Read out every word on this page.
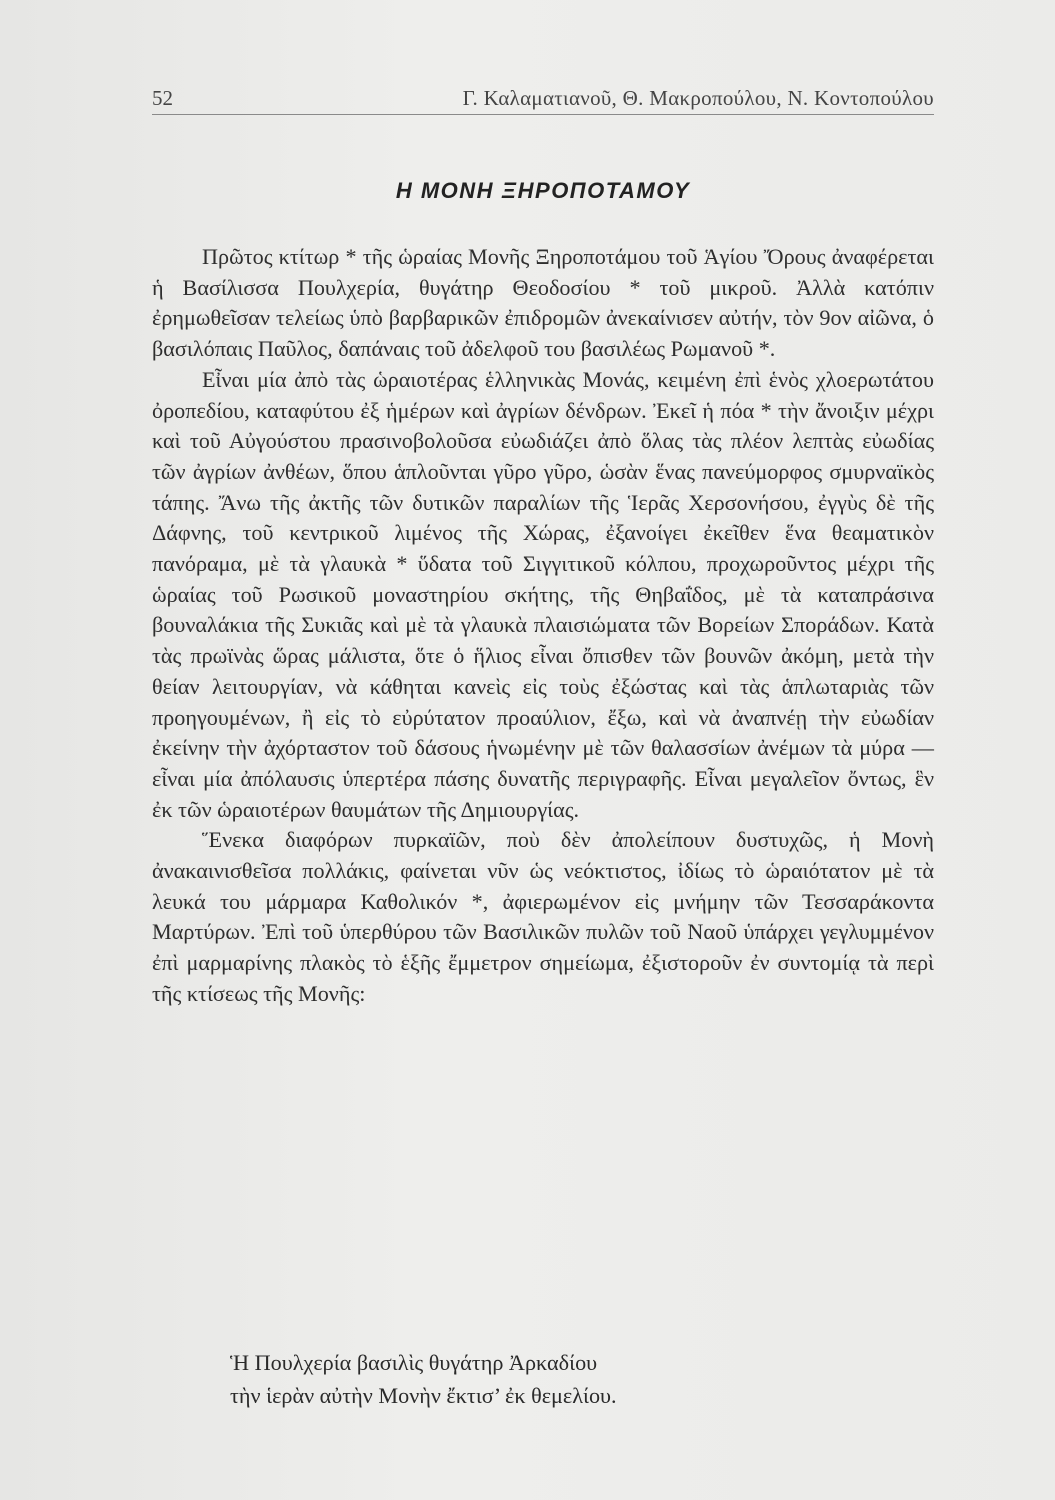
52	Γ. Καλαματιανοῦ, Θ. Μακροπούλου, Ν. Κοντοπούλου
Η ΜΟΝΗ ΞΗΡΟΠΟΤΑΜΟΥ

Πρῶτος κτίτωρ * τῆς ὡραίας Μονῆς Ξηροποτάμου τοῦ Ἁγίου Ὄρους ἀναφέρεται ἡ Βασίλισσα Πουλχερία, θυγάτηρ Θεοδοσίου * τοῦ μικροῦ. Ἀλλὰ κατόπιν ἐρημωθεῖσαν τελείως ὑπὸ βαρβαρικῶν ἐπιδρομῶν ἀνεκαίνισεν αὐτήν, τὸν 9ον αἰῶνα, ὁ βασιλόπαις Παῦλος, δαπάναις τοῦ ἀδελφοῦ του βασιλέως Ρωμανοῦ *.

Εἶναι μία ἀπὸ τὰς ὡραιοτέρας ἑλληνικὰς Μονάς, κειμένη ἐπὶ ἑνὸς χλοερωτάτου ὀροπεδίου, καταφύτου ἐξ ἡμέρων καὶ ἀγρίων δένδρων. Ἐκεῖ ἡ πόα * τὴν ἄνοιξιν μέχρι καὶ τοῦ Αὐγούστου πρασινοβολοῦσα εὐωδιάζει ἀπὸ ὅλας τὰς πλέον λεπτὰς εὐωδίας τῶν ἀγρίων ἀνθέων, ὅπου ἁπλοῦνται γῦρο γῦρο, ὡσὰν ἕνας πανεύμορφος σμυρναϊκὸς τάπης. Ἄνω τῆς ἀκτῆς τῶν δυτικῶν παραλίων τῆς Ἱερᾶς Χερσονήσου, ἐγγὺς δὲ τῆς Δάφνης, τοῦ κεντρικοῦ λιμένος τῆς Χώρας, ἐξανοίγει ἐκεῖθεν ἕνα θεαματικὸν πανόραμα, μὲ τὰ γλαυκὰ * ὕδατα τοῦ Σιγγιτικοῦ κόλπου, προχωροῦντος μέχρι τῆς ὡραίας τοῦ Ρωσικοῦ μοναστηρίου σκήτης, τῆς Θηβαΐδος, μὲ τὰ καταπράσινα βουναλάκια τῆς Συκιᾶς καὶ μὲ τὰ γλαυκὰ πλαισιώματα τῶν Βορείων Σποράδων. Κατὰ τὰς πρωϊνὰς ὥρας μάλιστα, ὅτε ὁ ἥλιος εἶναι ὄπισθεν τῶν βουνῶν ἀκόμη, μετὰ τὴν θείαν λειτουργίαν, νὰ κάθηται κανεὶς εἰς τοὺς ἐξώστας καὶ τὰς ἁπλωταριὰς τῶν προηγουμένων, ἢ εἰς τὸ εὐρύτατον προαύλιον, ἔξω, καὶ νὰ ἀναπνέῃ τὴν εὐωδίαν ἐκείνην τὴν ἀχόρταστον τοῦ δάσους ἡνωμένην μὲ τῶν θαλασσίων ἀνέμων τὰ μύρα — εἶναι μία ἀπόλαυσις ὑπερτέρα πάσης δυνατῆς περιγραφῆς. Εἶναι μεγαλεῖον ὄντως, ἓν ἐκ τῶν ὡραιοτέρων θαυμάτων τῆς Δημιουργίας.

Ἕνεκα διαφόρων πυρκαϊῶν, ποὺ δὲν ἀπολείπουν δυστυχῶς, ἡ Μονὴ ἀνακαινισθεῖσα πολλάκις, φαίνεται νῦν ὡς νεόκτιστος, ἰδίως τὸ ὡραιότατον μὲ τὰ λευκά του μάρμαρα Καθολικόν *, ἀφιερωμένον εἰς μνήμην τῶν Τεσσαράκοντα Μαρτύρων. Ἐπὶ τοῦ ὑπερθύρου τῶν Βασιλικῶν πυλῶν τοῦ Ναοῦ ὑπάρχει γεγλυμμένον ἐπὶ μαρμαρίνης πλακὸς τὸ ἑξῆς ἔμμετρον σημείωμα, ἐξιστοροῦν ἐν συντομίᾳ τὰ περὶ τῆς κτίσεως τῆς Μονῆς:

Ἡ Πουλχερία βασιλὶς θυγάτηρ Ἀρκαδίου
τὴν ἱερὰν αὐτὴν Μονὴν ἔκτισ’ ἐκ θεμελίου.
